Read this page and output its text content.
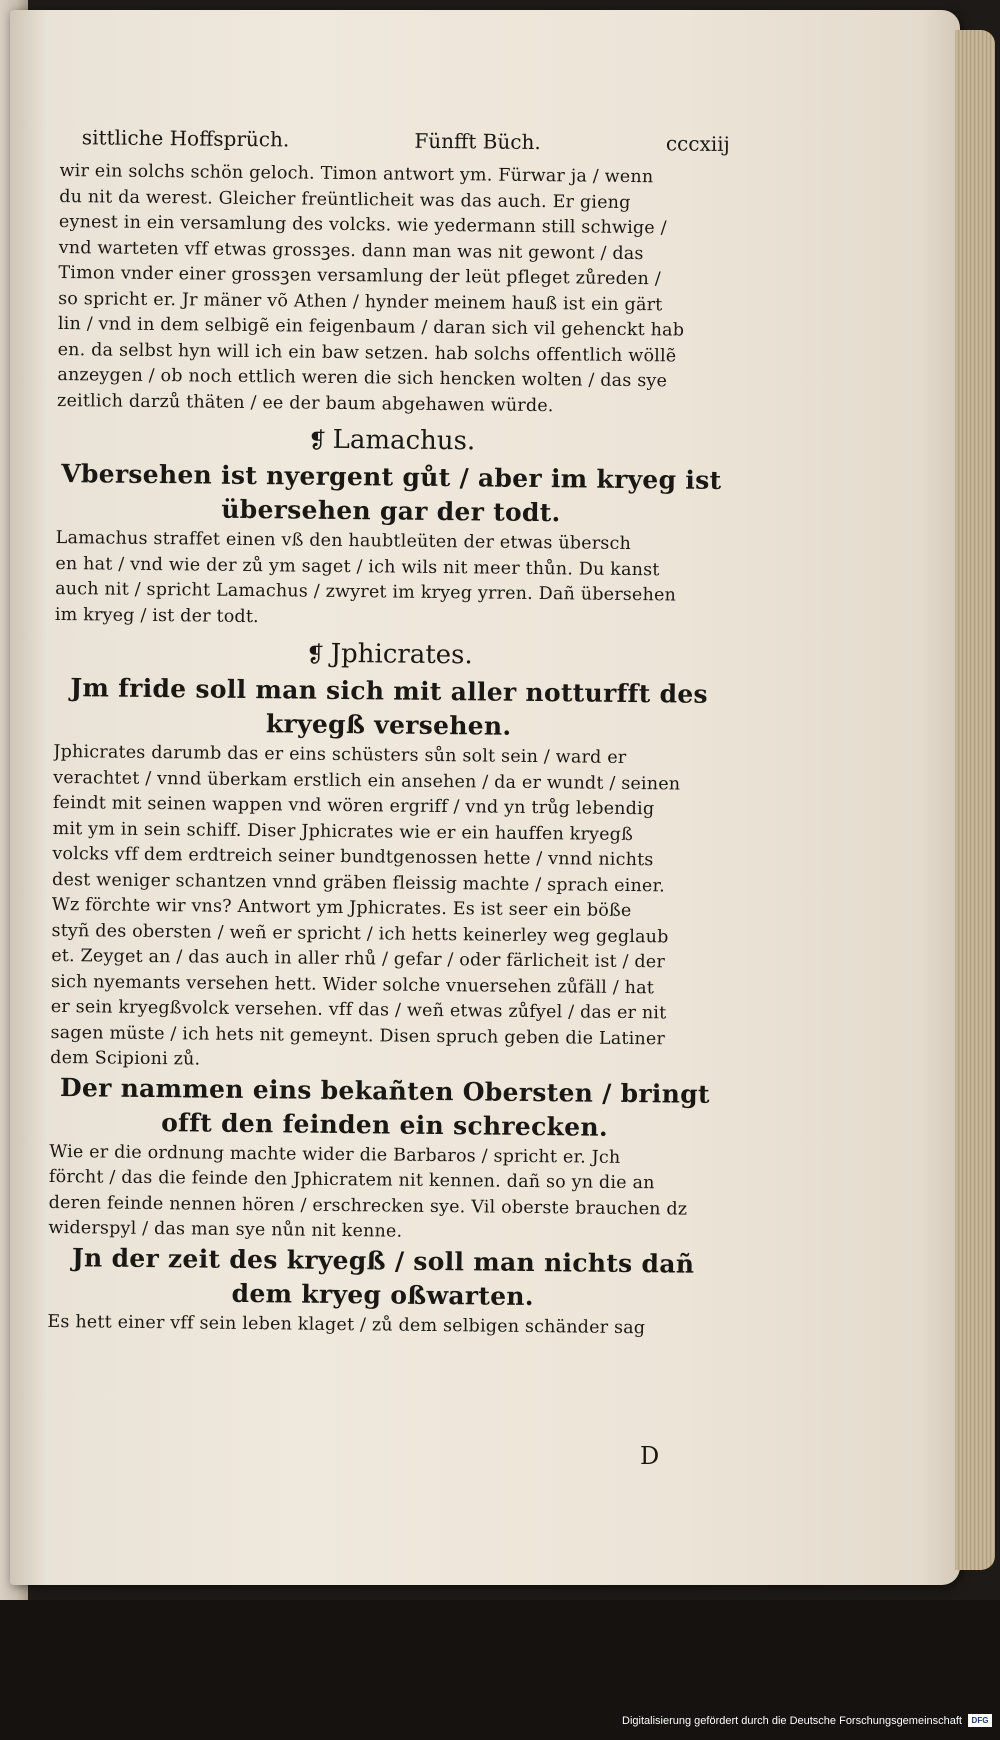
sittliche Hoffsprüch.	Fünfft Büch.	cccxiij
wir ein solchs schön geloch. Timon antwort ym. Fürwar ja / wenn
du nit da werest. Gleicher freüntlicheit was das auch. Er gieng
eynest in ein versamlung des volcks. wie yedermann still schwige /
vnd warteten vff etwas grossꝫes. dann man was nit gewont / das
Timon vnder einer grossꝫen versamlung der leüt pfleget zůreden /
so spricht er. Jr mäner võ Athen / hynder meinem hauß ist ein gärt
lin / vnd in dem selbigẽ ein feigenbaum / daran sich vil gehenckt hab
en. da selbst hyn will ich ein baw setzen. hab solchs offentlich wöllẽ
anzeygen / ob noch ettlich weren die sich hencken wolten / das sye
zeitlich darzů thäten / ee der baum abgehawen würde.
❡ Lamachus.
Vbersehen ist nyergent gůt / aber im kryeg ist
übersehen gar der todt.
Lamachus straffet einen vß den haubtleüten der etwas übersch
en hat / vnd wie der zů ym saget / ich wils nit meer thůn. Du kanst
auch nit / spricht Lamachus / zwyret im kryeg yrren. Dañ übersehen
im kryeg / ist der todt.
❡ Jphicrates.
Jm fride soll man sich mit aller notturfft des
kryegß versehen.
Jphicrates darumb das er eins schüsters sůn solt sein / ward er
verachtet / vnnd überkam erstlich ein ansehen / da er wundt / seinen
feindt mit seinen wappen vnd wören ergriff / vnd yn trůg lebendig
mit ym in sein schiff. Diser Jphicrates wie er ein hauffen kryegß
volcks vff dem erdtreich seiner bundtgenossen hette / vnnd nichts
dest weniger schantzen vnnd gräben fleissig machte / sprach einer.
Wz förchte wir vns? Antwort ym Jphicrates. Es ist seer ein böße
styñ des obersten / weñ er spricht / ich hetts keinerley weg geglaub
et. Zeyget an / das auch in aller rhů / gefar / oder färlicheit ist / der
sich nyemants versehen hett. Wider solche vnuersehen zůfäll / hat
er sein kryegßvolck versehen. vff das / weñ etwas zůfyel / das er nit
sagen müste / ich hets nit gemeynt. Disen spruch geben die Latiner
dem Scipioni zů.
Der nammen eins bekañten Obersten / bringt
offt den feinden ein schrecken.
Wie er die ordnung machte wider die Barbaros / spricht er. Jch
förcht / das die feinde den Jphicratem nit kennen. dañ so yn die an
deren feinde nennen hören / erschrecken sye. Vil oberste brauchen dz
widerspyl / das man sye nůn nit kenne.
Jn der zeit des kryegß / soll man nichts dañ
dem kryeg oßwarten.
Es hett einer vff sein leben klaget / zů dem selbigen schänder sag
D
Digitalisierung gefördert durch die Deutsche Forschungsgemeinschaft	DFG
